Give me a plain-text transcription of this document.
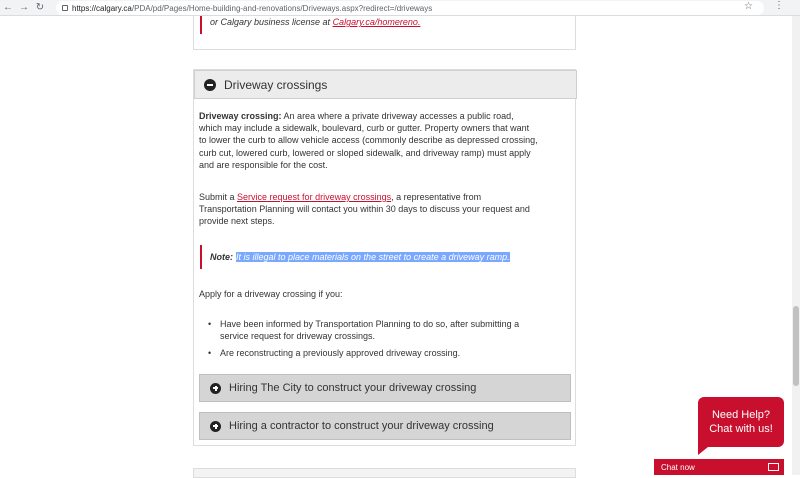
← → ↻	https://calgary.ca /PDA/pd/Pages/Home-building-and-renovations/Driveways.aspx?redirect=/driveways	☆ ⋮
or Calgary business license at Calgary.ca/homereno.
Driveway crossings
Driveway crossing: An area where a private driveway accesses a public road, which may include a sidewalk, boulevard, curb or gutter. Property owners that want to lower the curb to allow vehicle access (commonly describe as depressed crossing, curb cut, lowered curb, lowered or sloped sidewalk, and driveway ramp) must apply and are responsible for the cost.
Submit a Service request for driveway crossings, a representative from Transportation Planning will contact you within 30 days to discuss your request and provide next steps.
Note: It is illegal to place materials on the street to create a driveway ramp.
Apply for a driveway crossing if you:
• Have been informed by Transportation Planning to do so, after submitting a service request for driveway crossings.
• Are reconstructing a previously approved driveway crossing.
Hiring The City to construct your driveway crossing
Hiring a contractor to construct your driveway crossing
Need Help?
Chat with us!
Chat now
